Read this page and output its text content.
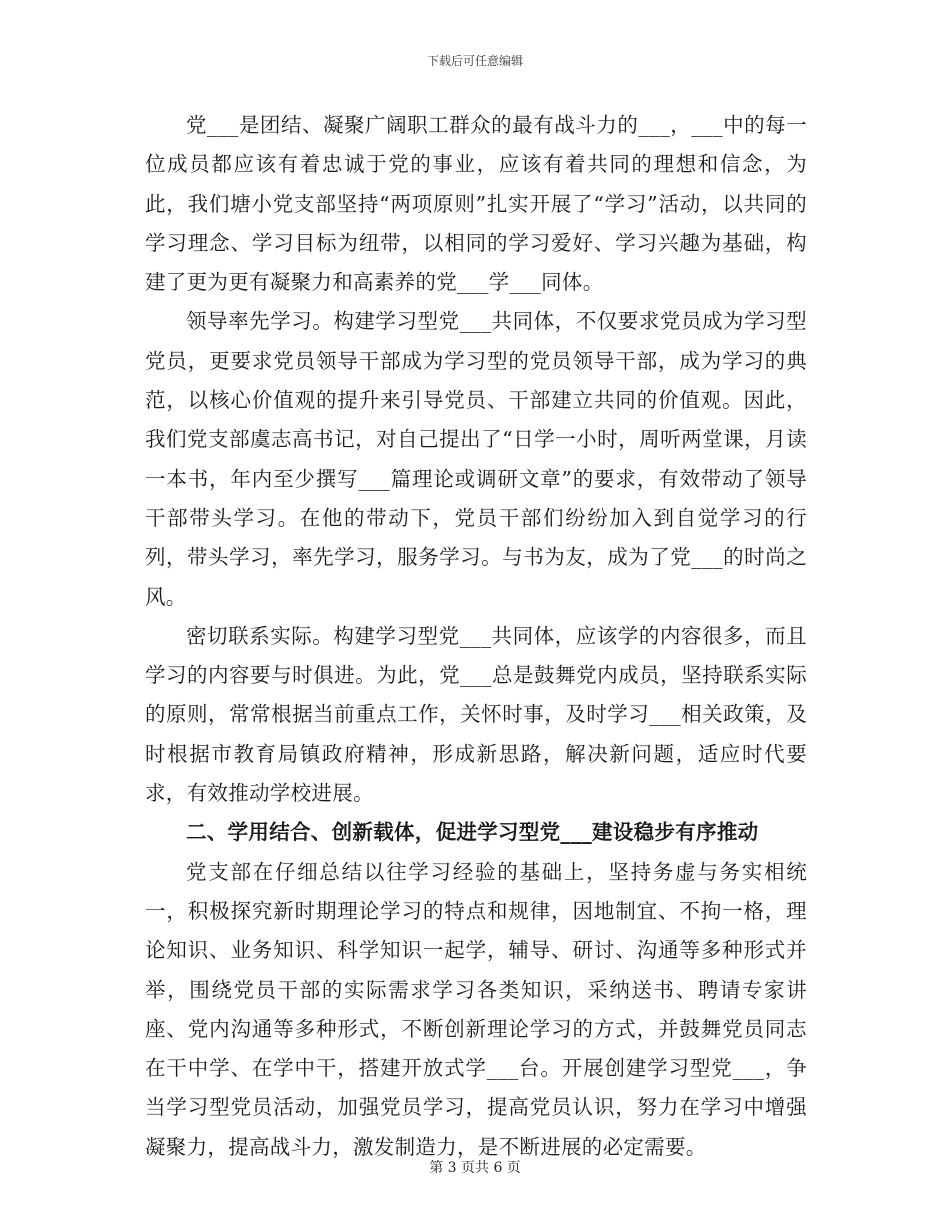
下载后可任意编辑

党___是团结、凝聚广阔职工群众的最有战斗力的___，___中的每一位成员都应该有着忠诚于党的事业，应该有着共同的理想和信念，为此，我们塘小党支部坚持“两项原则”扎实开展了“学习”活动，以共同的学习理念、学习目标为纽带，以相同的学习爱好、学习兴趣为基础，构建了更为更有凝聚力和高素养的党___学___同体。

领导率先学习。构建学习型党___共同体，不仅要求党员成为学习型党员，更要求党员领导干部成为学习型的党员领导干部，成为学习的典范，以核心价值观的提升来引导党员、干部建立共同的价值观。因此，我们党支部虞志高书记，对自己提出了“日学一小时，周听两堂课，月读一本书，年内至少撰写___篇理论或调研文章”的要求，有效带动了领导干部带头学习。在他的带动下，党员干部们纷纷加入到自觉学习的行列，带头学习，率先学习，服务学习。与书为友，成为了党___的时尚之风。

密切联系实际。构建学习型党___共同体，应该学的内容很多，而且学习的内容要与时俱进。为此，党___总是鼓舞党内成员，坚持联系实际的原则，常常根据当前重点工作，关怀时事，及时学习___相关政策，及时根据市教育局镇政府精神，形成新思路，解决新问题，适应时代要求，有效推动学校进展。

二、学用结合、创新载体，促进学习型党___建设稳步有序推动

党支部在仔细总结以往学习经验的基础上，坚持务虚与务实相统一，积极探究新时期理论学习的特点和规律，因地制宜、不拘一格，理论知识、业务知识、科学知识一起学，辅导、研讨、沟通等多种形式并举，围绕党员干部的实际需求学习各类知识，采纳送书、聘请专家讲座、党内沟通等多种形式，不断创新理论学习的方式，并鼓舞党员同志在干中学、在学中干，搭建开放式学___台。开展创建学习型党___，争当学习型党员活动，加强党员学习，提高党员认识，努力在学习中增强凝聚力，提高战斗力，激发制造力，是不断进展的必定需要。

第 3 页共 6 页
